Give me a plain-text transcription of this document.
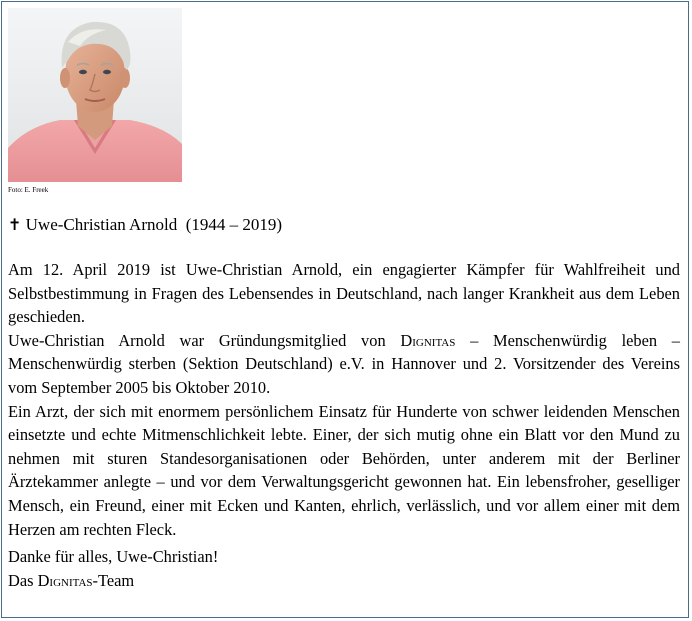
Foto: E. Freek
✝ Uwe-Christian Arnold (1944 – 2019)

Am 12. April 2019 ist Uwe-Christian Arnold, ein engagierter Kämpfer für Wahlfreiheit und Selbstbestimmung in Fragen des Lebensendes in Deutschland, nach langer Krankheit aus dem Leben geschieden.

Uwe-Christian Arnold war Gründungsmitglied von Dignitas – Menschenwürdig leben – Menschenwürdig sterben (Sektion Deutschland) e.V. in Hannover und 2. Vorsitzender des Vereins vom September 2005 bis Oktober 2010.

Ein Arzt, der sich mit enormem persönlichem Einsatz für Hunderte von schwer leidenden Menschen einsetzte und echte Mitmenschlichkeit lebte. Einer, der sich mutig ohne ein Blatt vor den Mund zu nehmen mit sturen Standesorganisationen oder Behörden, unter anderem mit der Berliner Ärztekammer anlegte – und vor dem Verwaltungsgericht gewonnen hat. Ein lebensfroher, geselliger Mensch, ein Freund, einer mit Ecken und Kanten, ehrlich, verlässlich, und vor allem einer mit dem Herzen am rechten Fleck.

Danke für alles, Uwe-Christian!

Das Dignitas-Team
